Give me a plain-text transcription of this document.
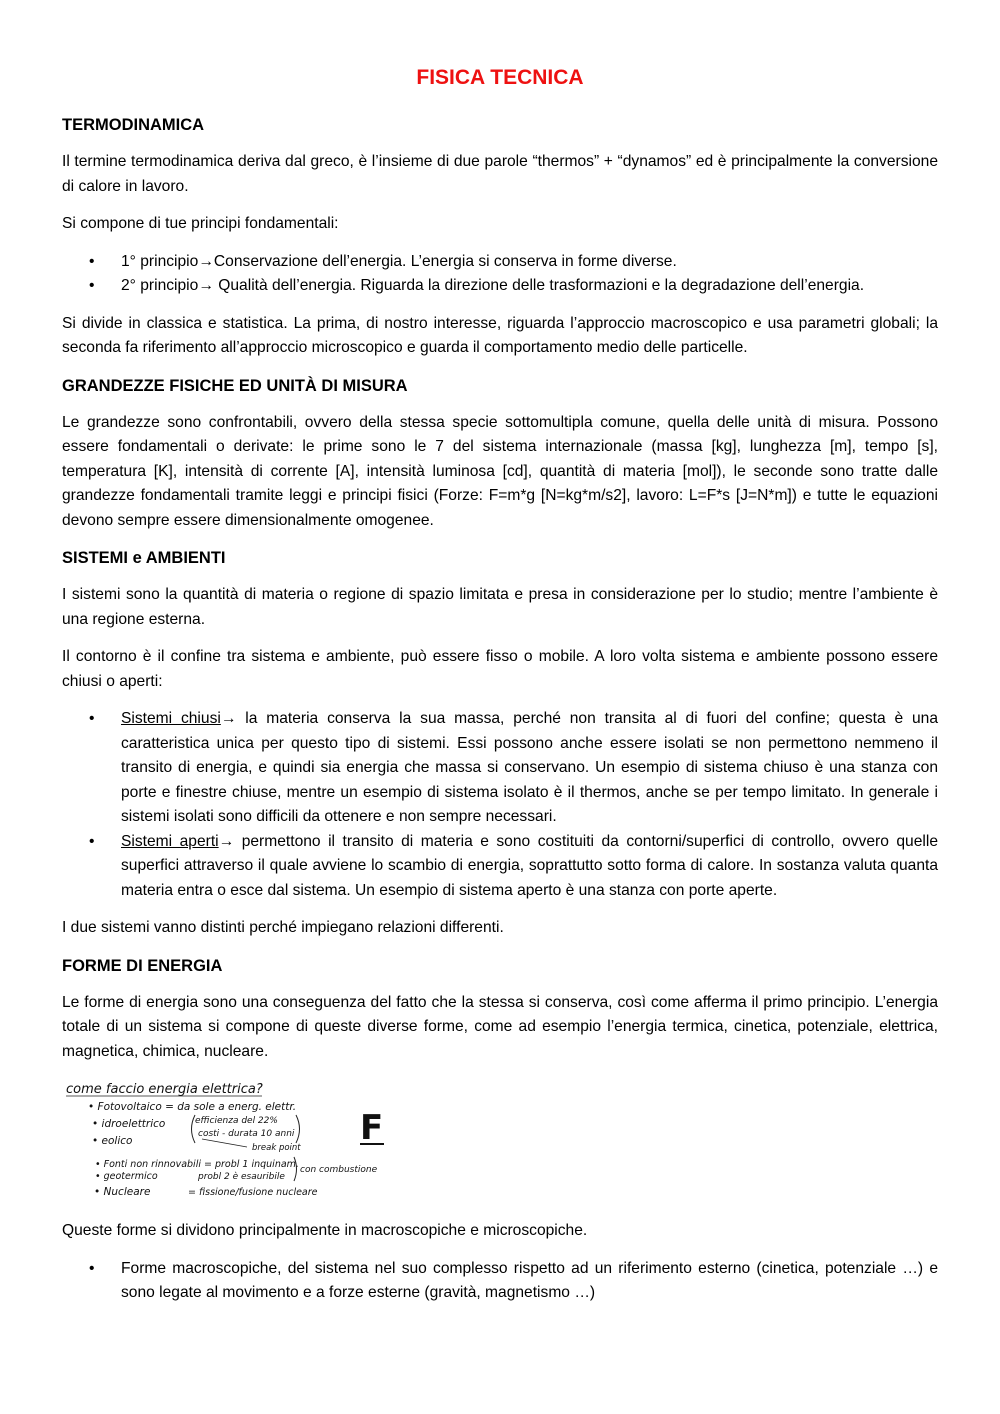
FISICA TECNICA
TERMODINAMICA

Il termine termodinamica deriva dal greco, è l’insieme di due parole “thermos” + “dynamos” ed è principalmente la conversione di calore in lavoro.

Si compone di tue principi fondamentali:

• 1° principio→Conservazione dell’energia. L’energia si conserva in forme diverse.
• 2° principio→ Qualità dell’energia. Riguarda la direzione delle trasformazioni e la degradazione dell’energia.

Si divide in classica e statistica. La prima, di nostro interesse, riguarda l’approccio macroscopico e usa parametri globali; la seconda fa riferimento all’approccio microscopico e guarda il comportamento medio delle particelle.

GRANDEZZE FISICHE ED UNITÀ DI MISURA

Le grandezze sono confrontabili, ovvero della stessa specie sottomultipla comune, quella delle unità di misura. Possono essere fondamentali o derivate: le prime sono le 7 del sistema internazionale (massa [kg], lunghezza [m], tempo [s], temperatura [K], intensità di corrente [A], intensità luminosa [cd], quantità di materia [mol]), le seconde sono tratte dalle grandezze fondamentali tramite leggi e principi fisici (Forze: F=m*g [N=kg*m/s2], lavoro: L=F*s [J=N*m]) e tutte le equazioni devono sempre essere dimensionalmente omogenee.

SISTEMI e AMBIENTI

I sistemi sono la quantità di materia o regione di spazio limitata e presa in considerazione per lo studio; mentre l’ambiente è una regione esterna.

Il contorno è il confine tra sistema e ambiente, può essere fisso o mobile. A loro volta sistema e ambiente possono essere chiusi o aperti:

• Sistemi chiusi→ la materia conserva la sua massa, perché non transita al di fuori del confine; questa è una caratteristica unica per questo tipo di sistemi. Essi possono anche essere isolati se non permettono nemmeno il transito di energia, e quindi sia energia che massa si conservano. Un esempio di sistema chiuso è una stanza con porte e finestre chiuse, mentre un esempio di sistema isolato è il thermos, anche se per tempo limitato. In generale i sistemi isolati sono difficili da ottenere e non sempre necessari.
• Sistemi aperti→ permettono il transito di materia e sono costituiti da contorni/superfici di controllo, ovvero quelle superfici attraverso il quale avviene lo scambio di energia, soprattutto sotto forma di calore. In sostanza valuta quanta materia entra o esce dal sistema. Un esempio di sistema aperto è una stanza con porte aperte.

I due sistemi vanno distinti perché impiegano relazioni differenti.

FORME DI ENERGIA

Le forme di energia sono una conseguenza del fatto che la stessa si conserva, così come afferma il primo principio. L’energia totale di un sistema si compone di queste diverse forme, come ad esempio l’energia termica, cinetica, potenziale, elettrica, magnetica, chimica, nucleare.

come faccio energia elettrica?
• Fotovoltaico = da sole a energ. elettr.
efficienza del 22%
• idroelettrico
costi - durata 10 anni
• eolico
break point
• Fonti non rinnovabili = probl 1 inquinam.
probl 2 è esauribile
• geotermico
con combustione
• Nucleare	= fissione/fusione nucleare
F

Queste forme si dividono principalmente in macroscopiche e microscopiche.

• Forme macroscopiche, del sistema nel suo complesso rispetto ad un riferimento esterno (cinetica, potenziale …) e sono legate al movimento e a forze esterne (gravità, magnetismo …)
